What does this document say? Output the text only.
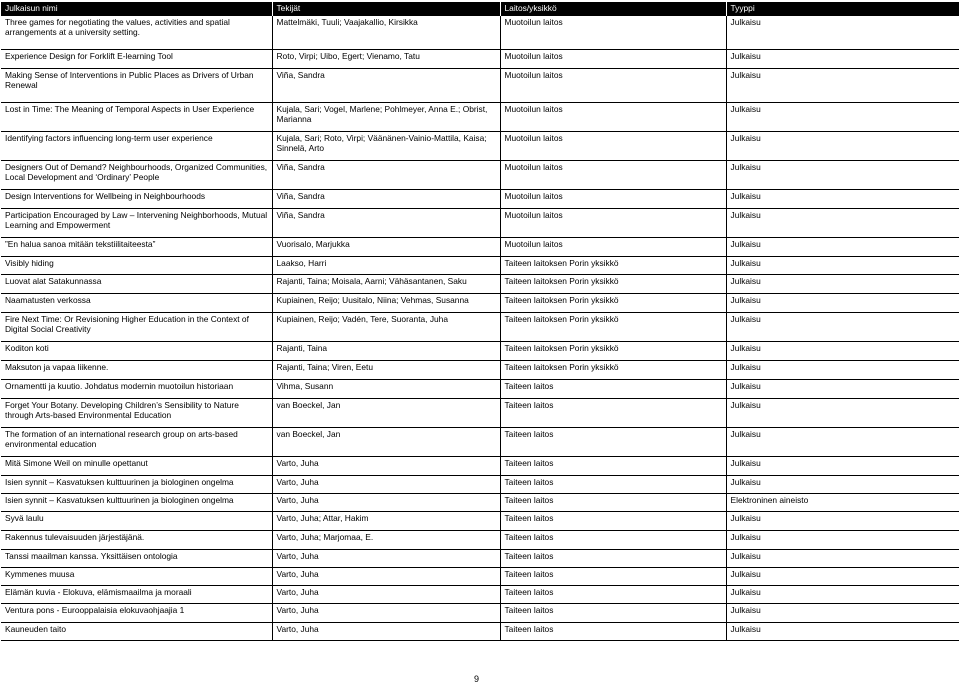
Julkaisun nimi	Tekijät	Laitos/yksikkö	Tyyppi
Three games for negotiating the values, activities and spatial arrangements at a university setting.	Mattelmäki, Tuuli; Vaajakallio, Kirsikka	Muotoilun laitos	Julkaisu
Experience Design for Forklift E-learning Tool	Roto, Virpi; Uibo, Egert; Vienamo, Tatu	Muotoilun laitos	Julkaisu
Making Sense of Interventions in Public Places as Drivers of Urban Renewal	Viña, Sandra	Muotoilun laitos	Julkaisu
Lost in Time: The Meaning of Temporal Aspects in User Experience	Kujala, Sari; Vogel, Marlene; Pohlmeyer, Anna E.; Obrist, Marianna	Muotoilun laitos	Julkaisu
Identifying factors influencing long-term user experience	Kujala, Sari; Roto, Virpi; Väänänen-Vainio-Mattila, Kaisa; Sinnelä, Arto	Muotoilun laitos	Julkaisu
Designers Out of Demand? Neighbourhoods, Organized Communities, Local Development and ‘Ordinary’ People	Viña, Sandra	Muotoilun laitos	Julkaisu
Design Interventions for Wellbeing in Neighbourhoods	Viña, Sandra	Muotoilun laitos	Julkaisu
Participation Encouraged by Law – Intervening Neighborhoods, Mutual Learning and Empowerment	Viña, Sandra	Muotoilun laitos	Julkaisu
”En halua sanoa mitään tekstiilitaiteesta”	Vuorisalo, Marjukka	Muotoilun laitos	Julkaisu
Visibly hiding	Laakso, Harri	Taiteen laitoksen Porin yksikkö	Julkaisu
Luovat alat Satakunnassa	Rajanti, Taina; Moisala, Aarni; Vähäsantanen, Saku	Taiteen laitoksen Porin yksikkö	Julkaisu
Naamatusten verkossa	Kupiainen, Reijo; Uusitalo, Niina; Vehmas, Susanna	Taiteen laitoksen Porin yksikkö	Julkaisu
Fire Next Time: Or Revisioning Higher Education in the Context of Digital Social Creativity	Kupiainen, Reijo; Vadén, Tere, Suoranta, Juha	Taiteen laitoksen Porin yksikkö	Julkaisu
Koditon koti	Rajanti, Taina	Taiteen laitoksen Porin yksikkö	Julkaisu
Maksuton ja vapaa liikenne.	Rajanti, Taina; Viren, Eetu	Taiteen laitoksen Porin yksikkö	Julkaisu
Ornamentti ja kuutio. Johdatus modernin muotoilun historiaan	Vihma, Susann	Taiteen laitos	Julkaisu
Forget Your Botany. Developing Children’s Sensibility to Nature through Arts-based Environmental Education	van Boeckel, Jan	Taiteen laitos	Julkaisu
The formation of an international research group on arts-based environmental education	van Boeckel, Jan	Taiteen laitos	Julkaisu
Mitä Simone Weil on minulle opettanut	Varto, Juha	Taiteen laitos	Julkaisu
Isien synnit – Kasvatuksen kulttuurinen ja biologinen ongelma	Varto, Juha	Taiteen laitos	Julkaisu
Isien synnit – Kasvatuksen kulttuurinen ja biologinen ongelma	Varto, Juha	Taiteen laitos	Elektroninen aineisto
Syvä laulu	Varto, Juha; Attar, Hakim	Taiteen laitos	Julkaisu
Rakennus tulevaisuuden järjestäjänä.	Varto, Juha; Marjomaa, E.	Taiteen laitos	Julkaisu
Tanssi maailman kanssa. Yksittäisen ontologia	Varto, Juha	Taiteen laitos	Julkaisu
Kymmenes muusa	Varto, Juha	Taiteen laitos	Julkaisu
Elämän kuvia - Elokuva, elämismaailma ja moraali	Varto, Juha	Taiteen laitos	Julkaisu
Ventura pons - Eurooppalaisia elokuvaohjaajia 1	Varto, Juha	Taiteen laitos	Julkaisu
Kauneuden taito	Varto, Juha	Taiteen laitos	Julkaisu
9
